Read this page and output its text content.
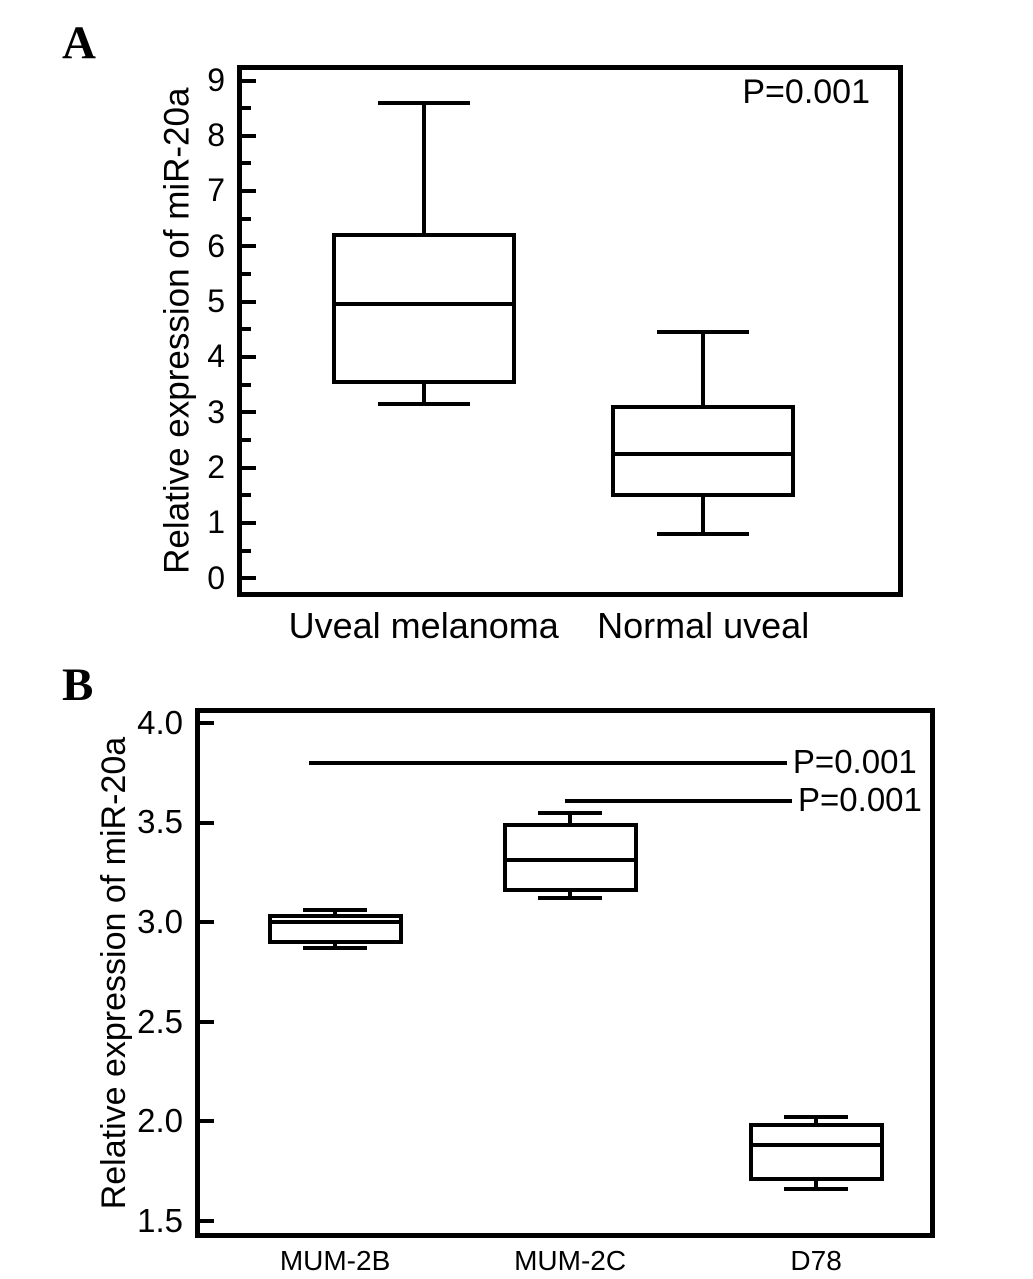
A
B
Relative expression of miR-20a
0
1
2
3
4
5
6
7
8
9
Uveal melanoma	Normal uveal
P=0.001
Relative expression of miR-20a
1.5
2.0
2.5
3.0
3.5
4.0
MUM-2B	MUM-2C	D78
P=0.001
P=0.001
